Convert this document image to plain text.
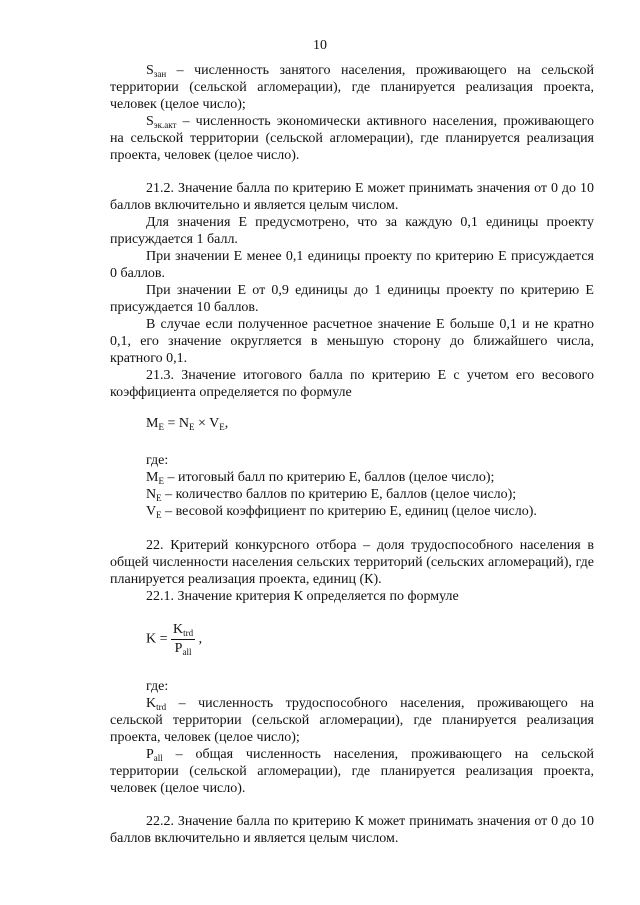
10

$S_{зан}$ – численность занятого населения, проживающего на сельской территории (сельской агломерации), где планируется реализация проекта, человек (целое число);

$S_{эк.акт}$ – численность экономически активного населения, проживающего на сельской территории (сельской агломерации), где планируется реализация проекта, человек (целое число).

21.2. Значение балла по критерию Е может принимать значения от 0 до 10 баллов включительно и является целым числом.

Для значения Е предусмотрено, что за каждую 0,1 единицы проекту присуждается 1 балл.

При значении Е менее 0,1 единицы проекту по критерию Е присуждается 0 баллов.

При значении Е от 0,9 единицы до 1 единицы проекту по критерию Е присуждается 10 баллов.

В случае если полученное расчетное значение Е больше 0,1 и не кратно 0,1, его значение округляется в меньшую сторону до ближайшего числа, кратного 0,1.

21.3. Значение итогового балла по критерию Е с учетом его весового коэффициента определяется по формуле

$M_E = N_E \times V_E$,
где:
$M_E$ – итоговый балл по критерию Е, баллов (целое число);
$N_E$ – количество баллов по критерию Е, баллов (целое число);
$V_E$ – весовой коэффициент по критерию Е, единиц (целое число).

22. Критерий конкурсного отбора – доля трудоспособного населения в общей численности населения сельских территорий (сельских агломераций), где планируется реализация проекта, единиц (К).

22.1. Значение критерия К определяется по формуле

$K = \frac{K_{trd}}{P_{all}}$ ,
где:

$K_{trd}$ – численность трудоспособного населения, проживающего на сельской территории (сельской агломерации), где планируется реализация проекта, человек (целое число);

$P_{all}$ – общая численность населения, проживающего на сельской территории (сельской агломерации), где планируется реализация проекта, человек (целое число).

22.2. Значение балла по критерию К может принимать значения от 0 до 10 баллов включительно и является целым числом.
